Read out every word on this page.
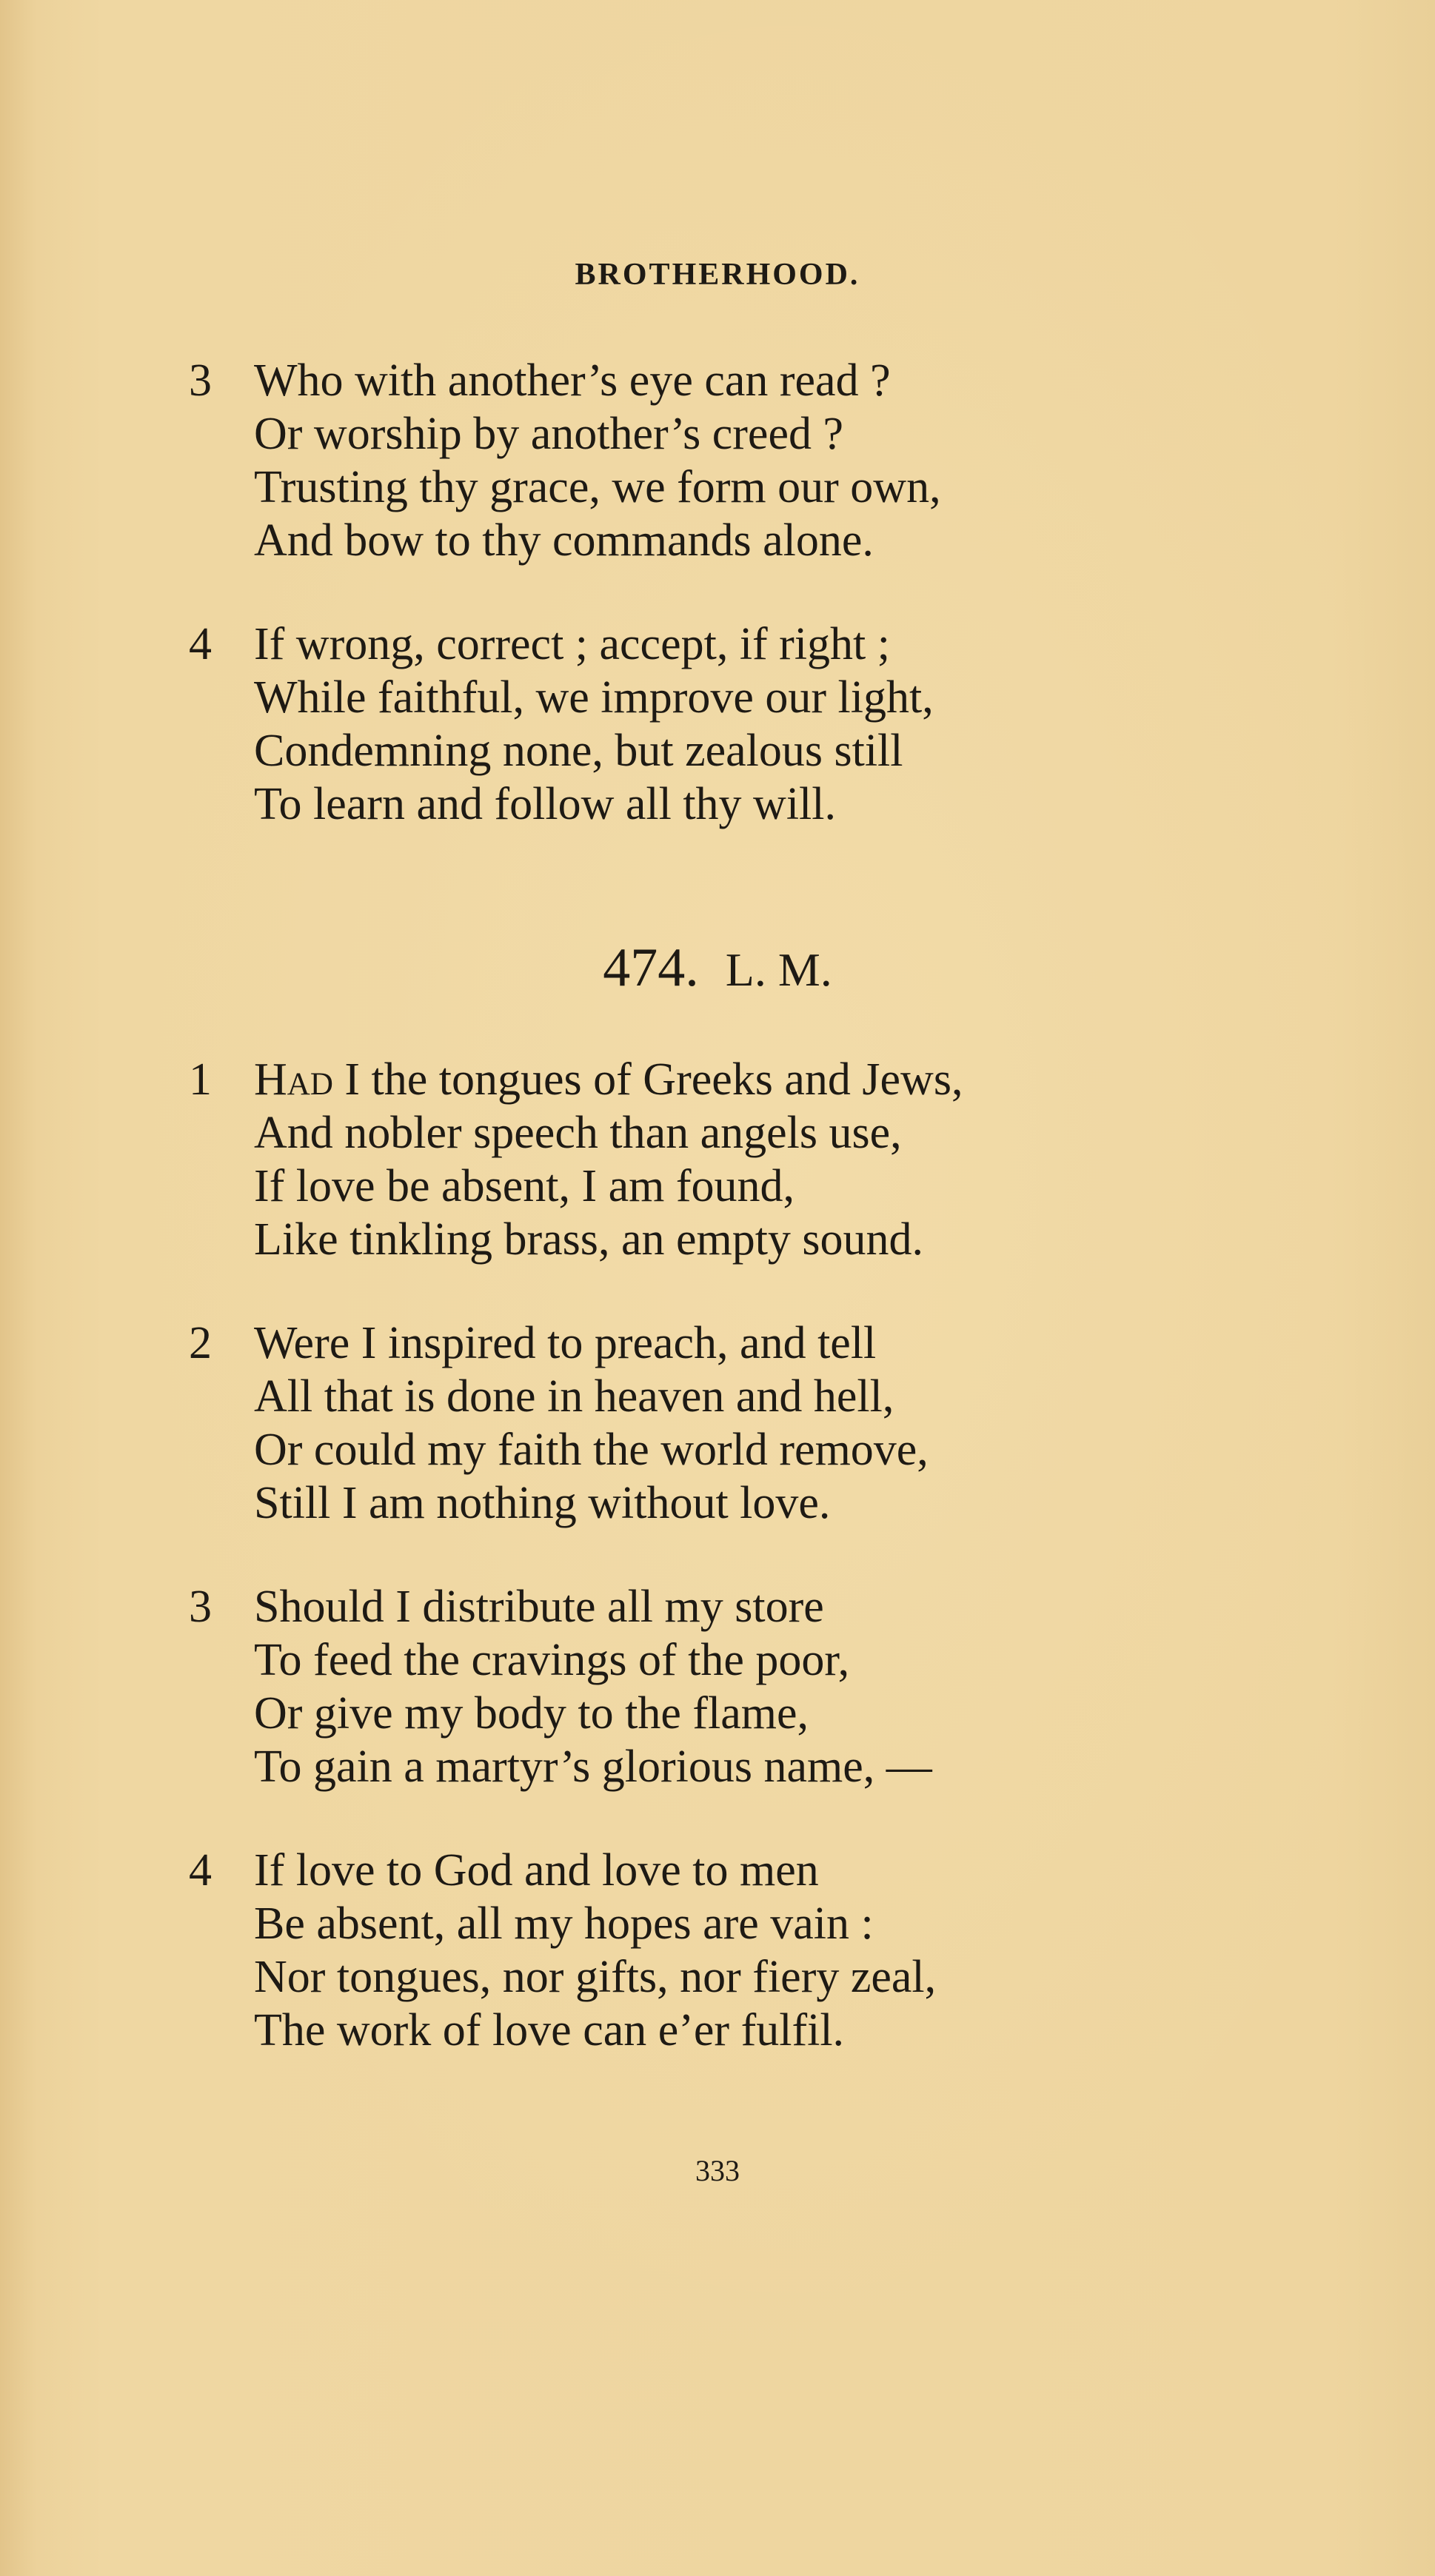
BROTHERHOOD.
3 Who with another’s eye can read ?
Or worship by another’s creed ?
Trusting thy grace, we form our own,
And bow to thy commands alone.
4 If wrong, correct ; accept, if right ;
While faithful, we improve our light,
Condemning none, but zealous still
To learn and follow all thy will.
474. L. M.
1 Had I the tongues of Greeks and Jews,
And nobler speech than angels use,
If love be absent, I am found,
Like tinkling brass, an empty sound.
2 Were I inspired to preach, and tell
All that is done in heaven and hell,
Or could my faith the world remove,
Still I am nothing without love.
3 Should I distribute all my store
To feed the cravings of the poor,
Or give my body to the flame,
To gain a martyr’s glorious name, —
4 If love to God and love to men
Be absent, all my hopes are vain :
Nor tongues, nor gifts, nor fiery zeal,
The work of love can e’er fulfil.
333
